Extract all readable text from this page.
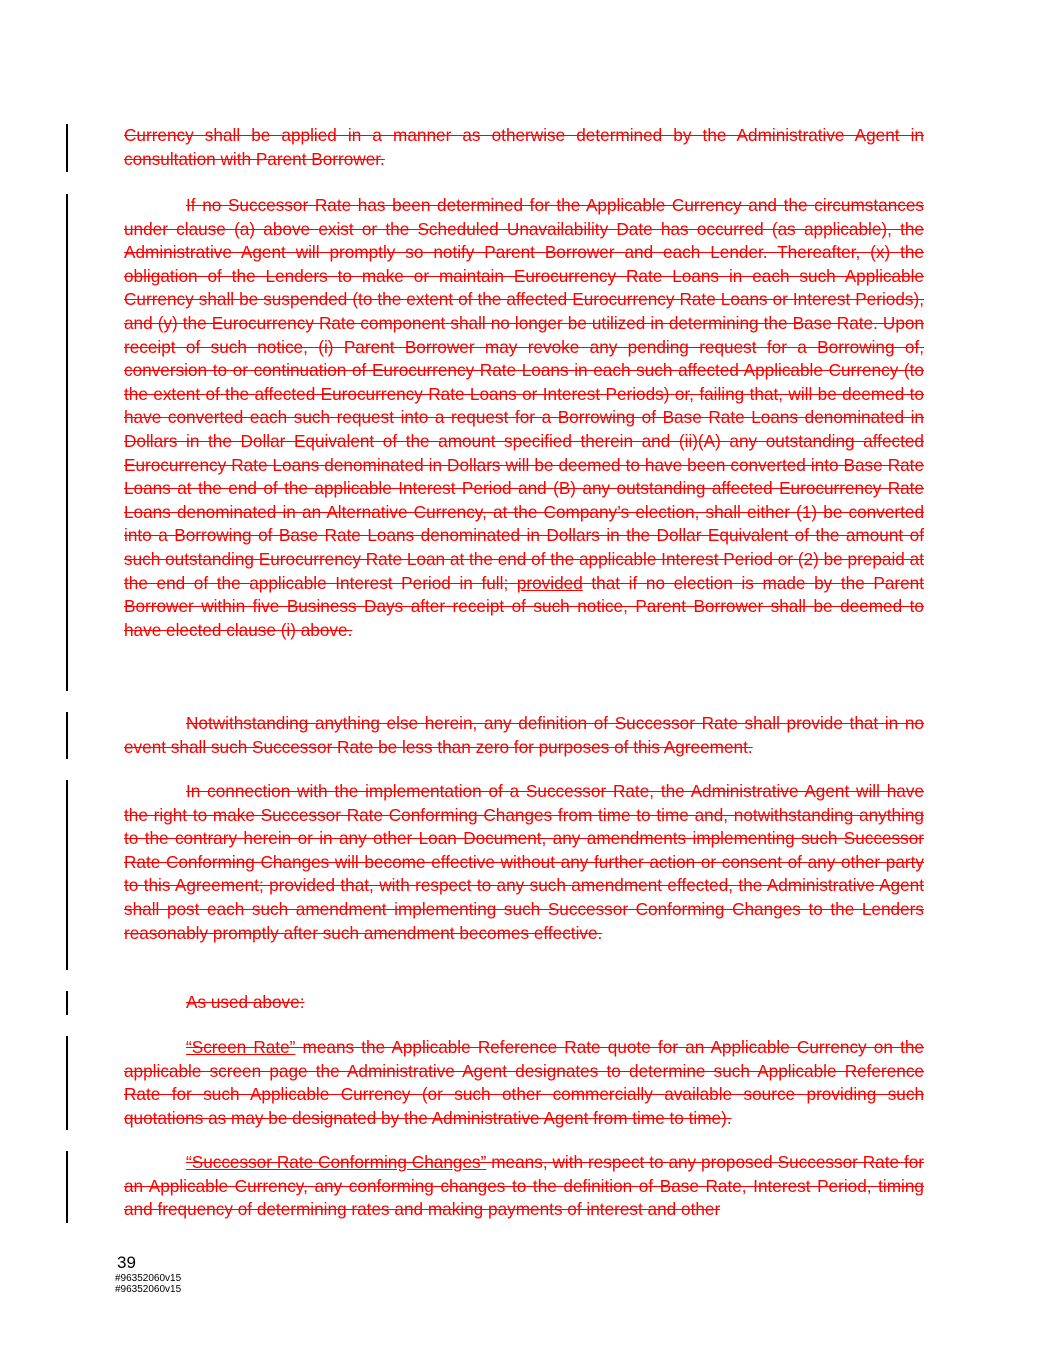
Currency shall be applied in a manner as otherwise determined by the Administrative Agent in consultation with Parent Borrower.

If no Successor Rate has been determined for the Applicable Currency and the circumstances under clause (a) above exist or the Scheduled Unavailability Date has occurred (as applicable), the Administrative Agent will promptly so notify Parent Borrower and each Lender. Thereafter, (x) the obligation of the Lenders to make or maintain Eurocurrency Rate Loans in each such Applicable Currency shall be suspended (to the extent of the affected Eurocurrency Rate Loans or Interest Periods), and (y) the Eurocurrency Rate component shall no longer be utilized in determining the Base Rate. Upon receipt of such notice, (i) Parent Borrower may revoke any pending request for a Borrowing of, conversion to or continuation of Eurocurrency Rate Loans in each such affected Applicable Currency (to the extent of the affected Eurocurrency Rate Loans or Interest Periods) or, failing that, will be deemed to have converted each such request into a request for a Borrowing of Base Rate Loans denominated in Dollars in the Dollar Equivalent of the amount specified therein and (ii)(A) any outstanding affected Eurocurrency Rate Loans denominated in Dollars will be deemed to have been converted into Base Rate Loans at the end of the applicable Interest Period and (B) any outstanding affected Eurocurrency Rate Loans denominated in an Alternative Currency, at the Company’s election, shall either (1) be converted into a Borrowing of Base Rate Loans denominated in Dollars in the Dollar Equivalent of the amount of such outstanding Eurocurrency Rate Loan at the end of the applicable Interest Period or (2) be prepaid at the end of the applicable Interest Period in full; provided that if no election is made by the Parent Borrower within five Business Days after receipt of such notice, Parent Borrower shall be deemed to have elected clause (i) above.

Notwithstanding anything else herein, any definition of Successor Rate shall provide that in no event shall such Successor Rate be less than zero for purposes of this Agreement.

In connection with the implementation of a Successor Rate, the Administrative Agent will have the right to make Successor Rate Conforming Changes from time to time and, notwithstanding anything to the contrary herein or in any other Loan Document, any amendments implementing such Successor Rate Conforming Changes will become effective without any further action or consent of any other party to this Agreement; provided that, with respect to any such amendment effected, the Administrative Agent shall post each such amendment implementing such Successor Conforming Changes to the Lenders reasonably promptly after such amendment becomes effective.

As used above:

“Screen Rate” means the Applicable Reference Rate quote for an Applicable Currency on the applicable screen page the Administrative Agent designates to determine such Applicable Reference Rate for such Applicable Currency (or such other commercially available source providing such quotations as may be designated by the Administrative Agent from time to time).

“Successor Rate Conforming Changes” means, with respect to any proposed Successor Rate for an Applicable Currency, any conforming changes to the definition of Base Rate, Interest Period, timing and frequency of determining rates and making payments of interest and other

39
#96352060v15
#96352060v15
